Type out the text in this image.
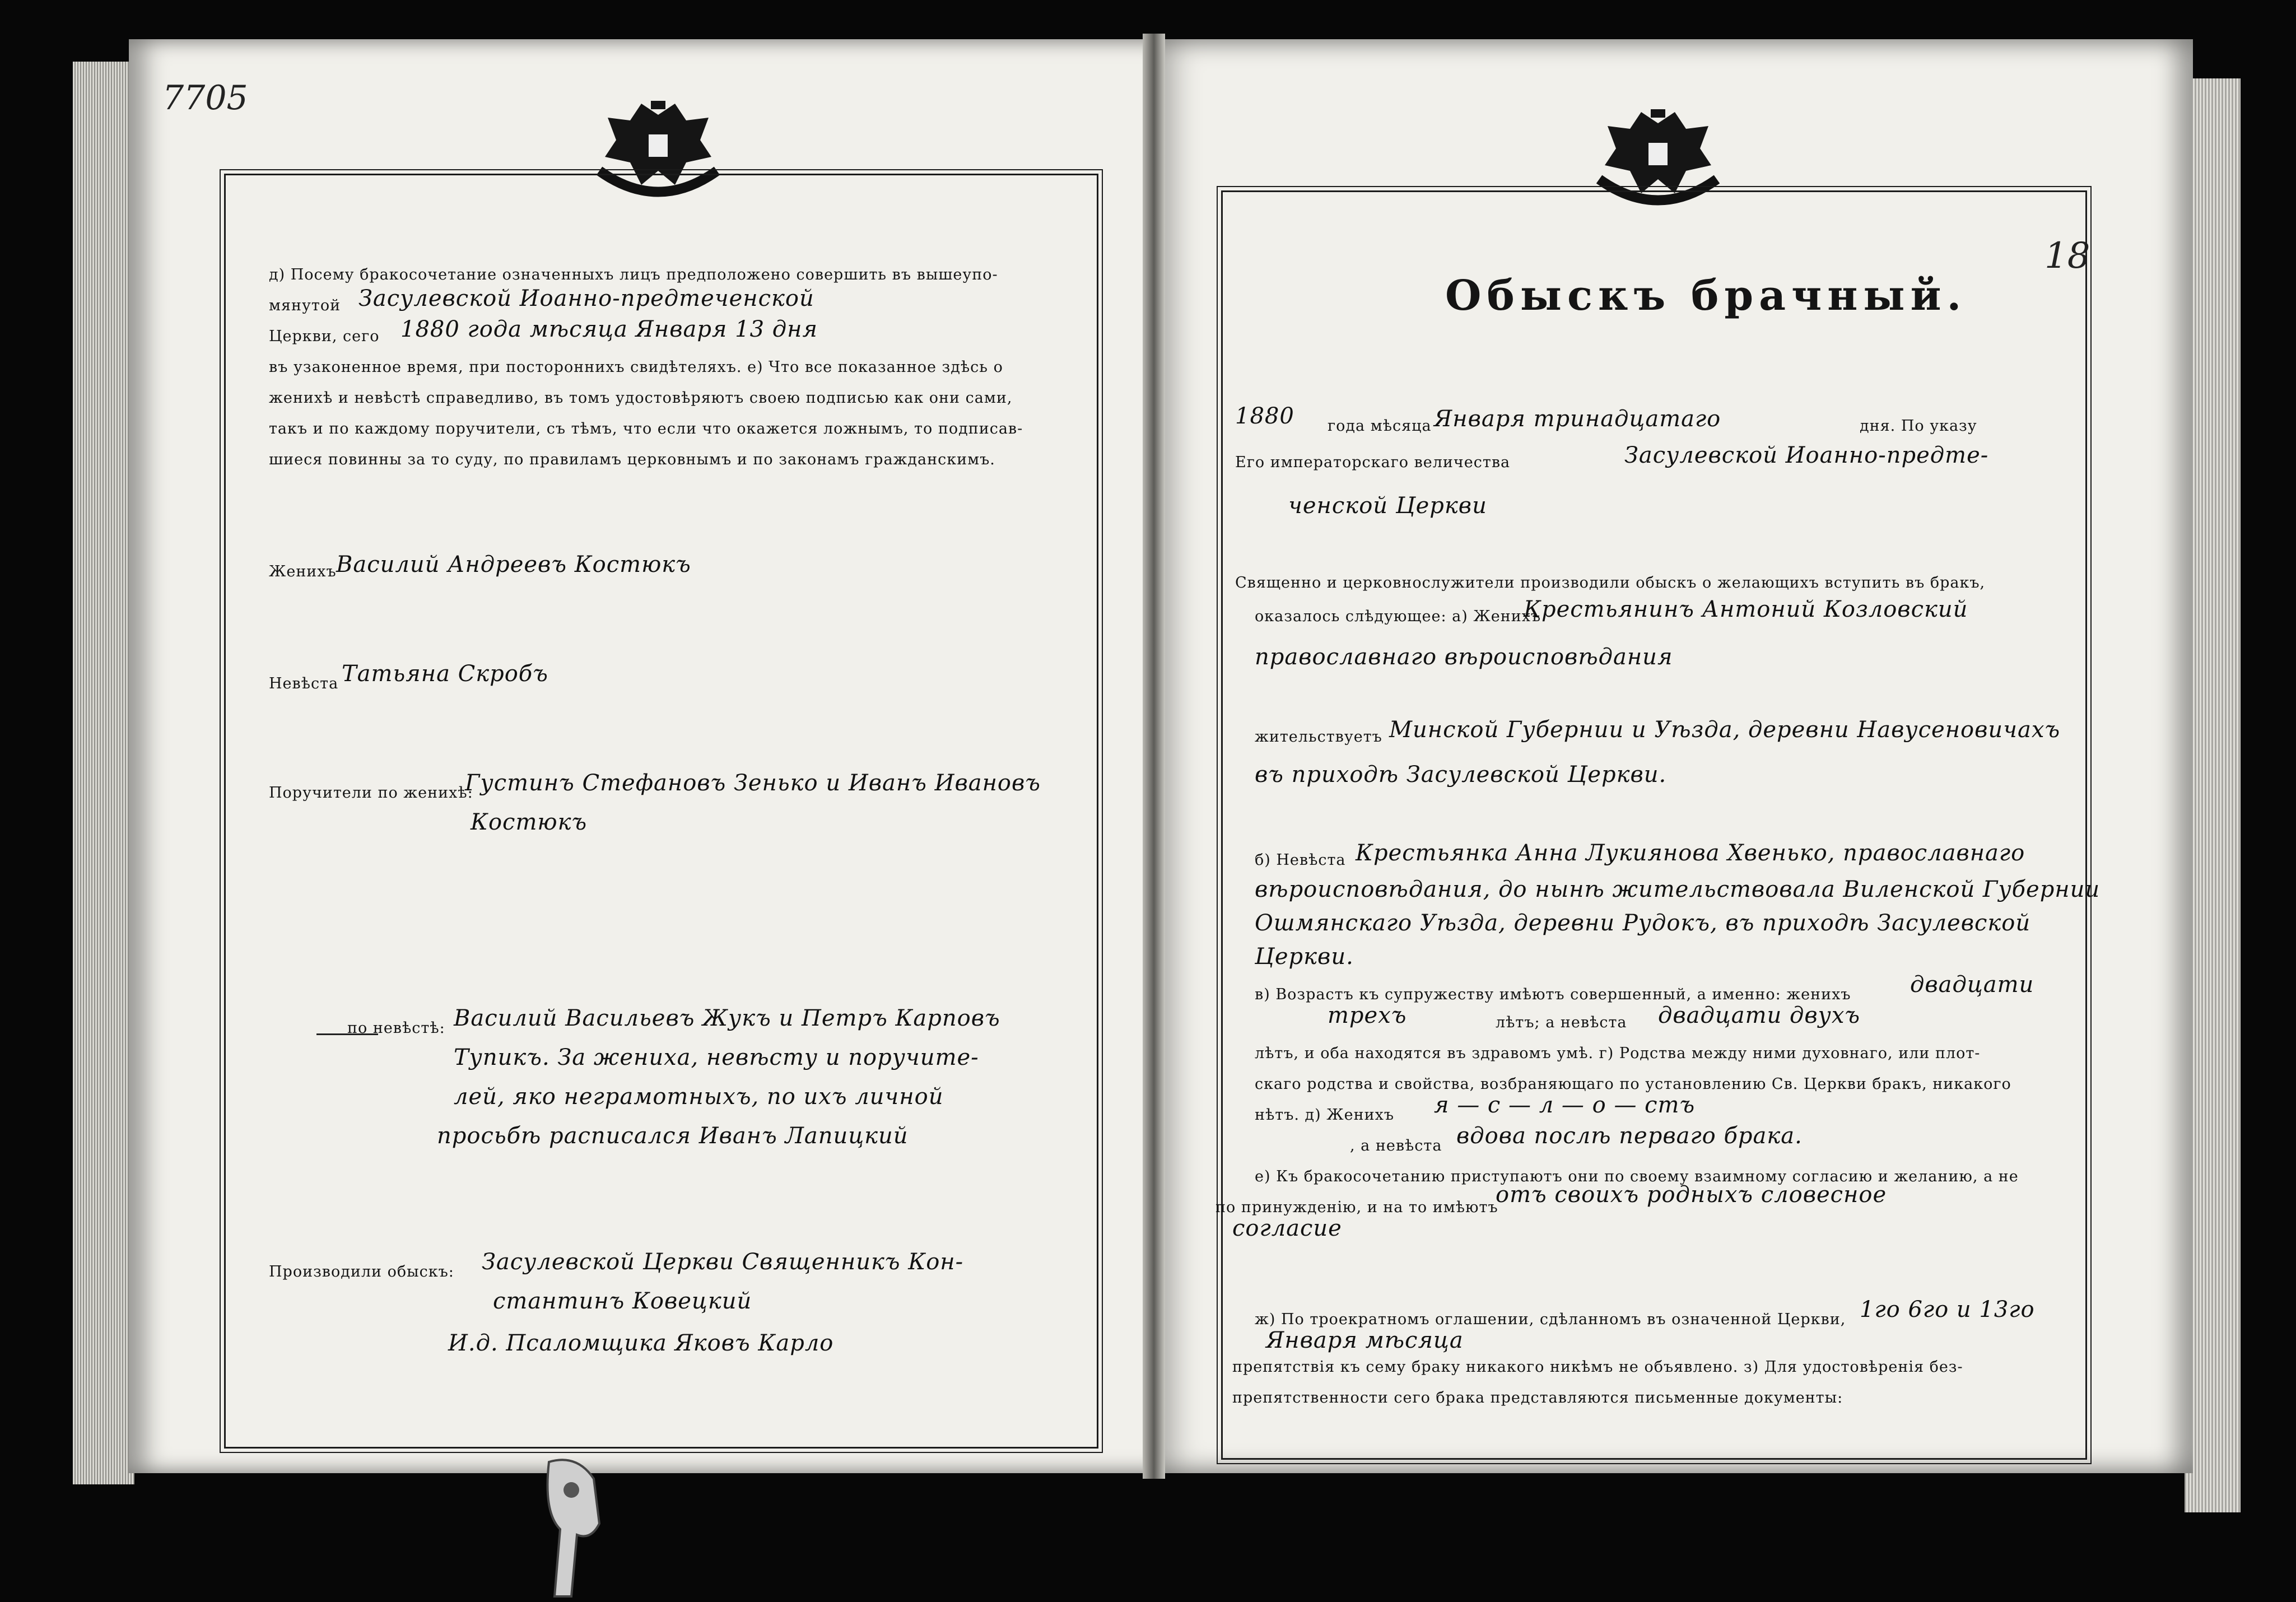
7705
18
д) Посему бракосочетание означенныхъ лицъ предположено совершить въ вышеупо-
мянутой Засулевской Иоанно-предтеченской
Церкви, сего 1880 года мѣсяца Января 13 дня
въ узаконенное время, при постороннихъ свидѣтеляхъ. е) Что все показанное здѣсь о
женихѣ и невѣстѣ справедливо, въ томъ удостовѣряютъ своею подписью как они сами,
такъ и по каждому поручители, съ тѣмъ, что если что окажется ложнымъ, то подписав-
шиеся повинны за то суду, по правиламъ церковнымъ и по законамъ гражданскимъ.
Женихъ Василий Андреевъ Костюкъ
Невѣста Татьяна Скробъ
Поручители по женихѣ:
Густинъ Стефановъ Зенько и Иванъ Ивановъ
Костюкъ
по невѣстѣ: Василий Васильевъ Жукъ и Петръ Карповъ
Тупикъ. За жениха, невѣсту и поручите-
лей, яко неграмотныхъ, по ихъ личной
просьбѣ расписался Иванъ Лапицкий
Производили обыскъ: Засулевской Церкви Священникъ Кон-
стантинъ Ковецкий
И.д. Псаломщика Яковъ Карло
Обыскъ брачный.
1880 года мѣсяца Января тринадцатаго	дня. По указу
Его императорскаго величества	Засулевской Иоанно-предте-
ченской Церкви
Священно и церковнослужители производили обыскъ о желающихъ вступить въ бракъ,
оказалось слѣдующее: а) Женихъ
Крестьянинъ Антоний Козловский
православнаго вѣроисповѣдания
жительствуетъ Минской Губернии и Уѣзда, деревни Навусеновичахъ
въ приходѣ Засулевской Церкви.
б) Невѣста Крестьянка Анна Лукиянова Хвенько, православнаго
вѣроисповѣдания, до нынѣ жительствовала Виленской Губернии
Ошмянскаго Уѣзда, деревни Рудокъ, въ приходѣ Засулевской
Церкви.
в) Возрастъ къ супружеству имѣютъ совершенный, а именно: женихъ	двадцати
трехъ	лѣтъ; а невѣста двадцати двухъ
лѣтъ, и оба находятся въ здравомъ умѣ. г) Родства между ними духовнаго, или плот-
скаго родства и свойства, возбраняющаго по установлению Св. Церкви бракъ, никакого
нѣтъ. д) Женихъ я — с — л — о — стъ
, а невѣста вдова послѣ перваго брака.
е) Къ бракосочетанию приступаютъ они по своему взаимному согласию и желанию, а не
по принужденію, и на то имѣютъ
отъ своихъ родныхъ словесное
согласие
ж) По троекратномъ оглашении, сдѣланномъ въ означенной Церкви, 1го 6го и 13го
Января мѣсяца
препятствія къ сему браку никакого никѣмъ не объявлено. з) Для удостовѣренія без-
препятственности сего брака представляются письменные документы:
